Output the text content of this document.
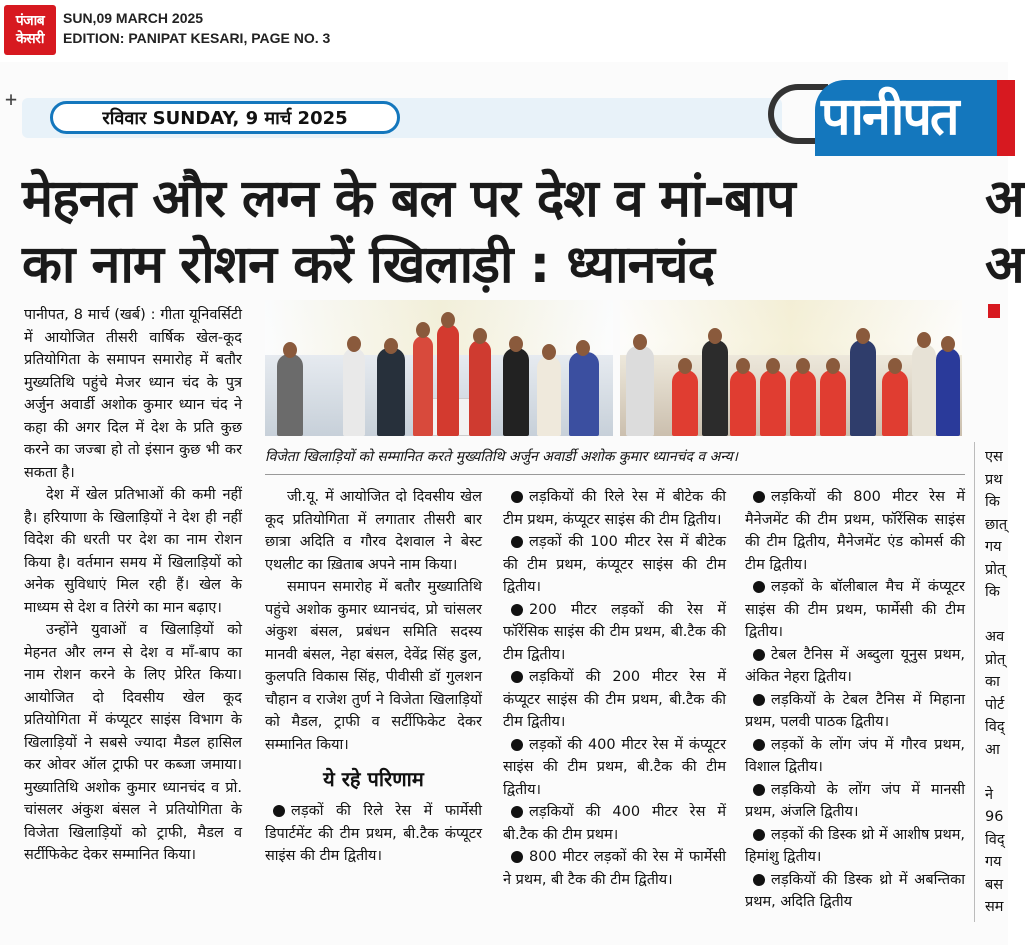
पंजाब
केसरी
SUN,09 MARCH 2025
EDITION: PANIPAT KESARI, PAGE NO. 3
+
रविवार SUNDAY, 9 मार्च 2025	पानीपत
मेहनत और लग्न के बल पर देश व मां-बाप
का नाम रोशन करें खिलाड़ी : ध्यानचंद
अ
अ

पानीपत, 8 मार्च (खर्ब) : गीता यूनिवर्सिटी में आयोजित तीसरी वार्षिक खेल-कूद प्रतियोगिता के समापन समारोह में बतौर मुख्यतिथि पहुंचे मेजर ध्यान चंद के पुत्र अर्जुन अवार्डी अशोक कुमार ध्यान चंद ने कहा की अगर दिल में देश के प्रति कुछ करने का जज्बा हो तो इंसान कुछ भी कर सकता है।

देश में खेल प्रतिभाओं की कमी नहीं है। हरियाणा के खिलाड़ियों ने देश ही नहीं विदेश की धरती पर देश का नाम रोशन किया है। वर्तमान समय में खिलाड़ियों को अनेक सुविधाएं मिल रही हैं। खेल के माध्यम से देश व तिरंगे का मान बढ़ाए।

उन्होंने युवाओं व खिलाड़ियों को मेहनत और लग्न से देश व माँ-बाप का नाम रोशन करने के लिए प्रेरित किया।आयोजित दो दिवसीय खेल कूद प्रतियोगिता में कंप्यूटर साइंस विभाग के खिलाड़ियों ने सबसे ज्यादा मैडल हासिल कर ओवर ऑल ट्राफी पर कब्जा जमाया। मुख्यातिथि अशोक कुमार ध्यानचंद व प्रो. चांसलर अंकुश बंसल ने प्रतियोगिता के विजेता खिलाड़ियों को ट्राफी, मैडल व सर्टीफिकेट देकर सम्मानित किया।

विजेता खिलाड़ियों को सम्मानित करते मुख्यतिथि अर्जुन अवार्डी अशोक कुमार ध्यानचंद व अन्य।

जी.यू. में आयोजित दो दिवसीय खेल कूद प्रतियोगिता में लगातार तीसरी बार छात्रा अदिति व गौरव देशवाल ने बेस्ट एथलीट का ख़िताब अपने नाम किया।

समापन समारोह में बतौर मुख्यातिथि पहुंचे अशोक कुमार ध्यानचंद, प्रो चांसलर अंकुश बंसल, प्रबंधन समिति सदस्य मानवी बंसल, नेहा बंसल, देवेंद्र सिंह डुल, कुलपति विकास सिंह, पीवीसी डॉ गुलशन चौहान व राजेश तुर्ण ने विजेता खिलाड़ियों को मैडल, ट्राफी व सर्टीफिकेट देकर सम्मानित किया।

ये रहे परिणाम

लड़कों की रिले रेस में फार्मेसी डिपार्टमेंट की टीम प्रथम, बी.टैक कंप्यूटर साइंस की टीम द्वितीय।

लड़कियों की रिले रेस में बीटेक की टीम प्रथम, कंप्यूटर साइंस की टीम द्वितीय।

लड़कों की 100 मीटर रेस में बीटेक की टीम प्रथम, कंप्यूटर साइंस की टीम द्वितीय।

200 मीटर लड़कों की रेस में फॉरेंसिक साइंस की टीम प्रथम, बी.टैक की टीम द्वितीय।

लड़कियों की 200 मीटर रेस में कंप्यूटर साइंस की टीम प्रथम, बी.टैक की टीम द्वितीय।

लड़कों की 400 मीटर रेस में कंप्यूटर साइंस की टीम प्रथम, बी.टैक की टीम द्वितीय।

लड़कियों की 400 मीटर रेस में बी.टैक की टीम प्रथम।

800 मीटर लड़कों की रेस में फार्मेसी ने प्रथम, बी टैक की टीम द्वितीय।

लड़कियों की 800 मीटर रेस में मैनेजमेंट की टीम प्रथम, फॉरेंसिक साइंस की टीम द्वितीय, मैनेजमेंट एंड कोमर्स की टीम द्वितीय।

लड़कों के बॉलीबाल मैच में कंप्यूटर साइंस की टीम प्रथम, फार्मेसी की टीम द्वितीय।

टेबल टैनिस में अब्दुला यूनुस प्रथम, अंकित नेहरा द्वितीय।

लड़कियों के टेबल टैनिस में मिहाना प्रथम, पलवी पाठक द्वितीय।

लड़कों के लोंग जंप में गौरव प्रथम, विशाल द्वितीय।

लड़कियो के लोंग जंप में मानसी प्रथम, अंजलि द्वितीय।

लड़कों की डिस्क थ्रो में आशीष प्रथम, हिमांशु द्वितीय।

लड़कियों की डिस्क थ्रो में अबन्तिका प्रथम, अदिति द्वितीय

एस
प्रथ
कि
छात्
गय
प्रोत्
कि

अव
प्रोत्
का
पोर्ट
विद्
आ

ने
96
विद्
गय
बस
सम
